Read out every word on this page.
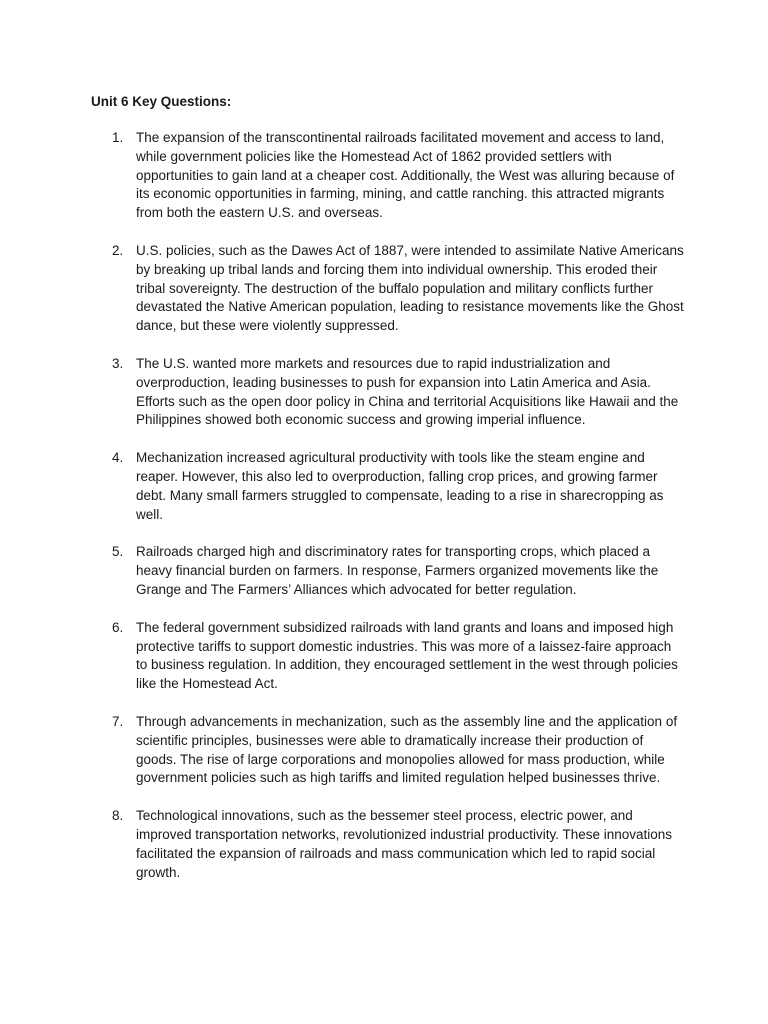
Unit 6 Key Questions:
1. The expansion of the transcontinental railroads facilitated movement and access to land, while government policies like the Homestead Act of 1862 provided settlers with opportunities to gain land at a cheaper cost. Additionally, the West was alluring because of its economic opportunities in farming, mining, and cattle ranching. this attracted migrants from both the eastern U.S. and overseas.
2. U.S. policies, such as the Dawes Act of 1887, were intended to assimilate Native Americans by breaking up tribal lands and forcing them into individual ownership. This eroded their tribal sovereignty. The destruction of the buffalo population and military conflicts further devastated the Native American population, leading to resistance movements like the Ghost dance, but these were violently suppressed.
3. The U.S. wanted more markets and resources due to rapid industrialization and overproduction, leading businesses to push for expansion into Latin America and Asia. Efforts such as the open door policy in China and territorial Acquisitions like Hawaii and the Philippines showed both economic success and growing imperial influence.
4. Mechanization increased agricultural productivity with tools like the steam engine and reaper. However, this also led to overproduction, falling crop prices, and growing farmer debt. Many small farmers struggled to compensate, leading to a rise in sharecropping as well.
5. Railroads charged high and discriminatory rates for transporting crops, which placed a heavy financial burden on farmers. In response, Farmers organized movements like the Grange and The Farmers’ Alliances which advocated for better regulation.
6. The federal government subsidized railroads with land grants and loans and imposed high protective tariffs to support domestic industries. This was more of a laissez-faire approach to business regulation. In addition, they encouraged settlement in the west through policies like the Homestead Act.
7. Through advancements in mechanization, such as the assembly line and the application of scientific principles, businesses were able to dramatically increase their production of goods. The rise of large corporations and monopolies allowed for mass production, while government policies such as high tariffs and limited regulation helped businesses thrive.
8. Technological innovations, such as the bessemer steel process, electric power, and improved transportation networks, revolutionized industrial productivity. These innovations facilitated the expansion of railroads and mass communication which led to rapid social growth.
